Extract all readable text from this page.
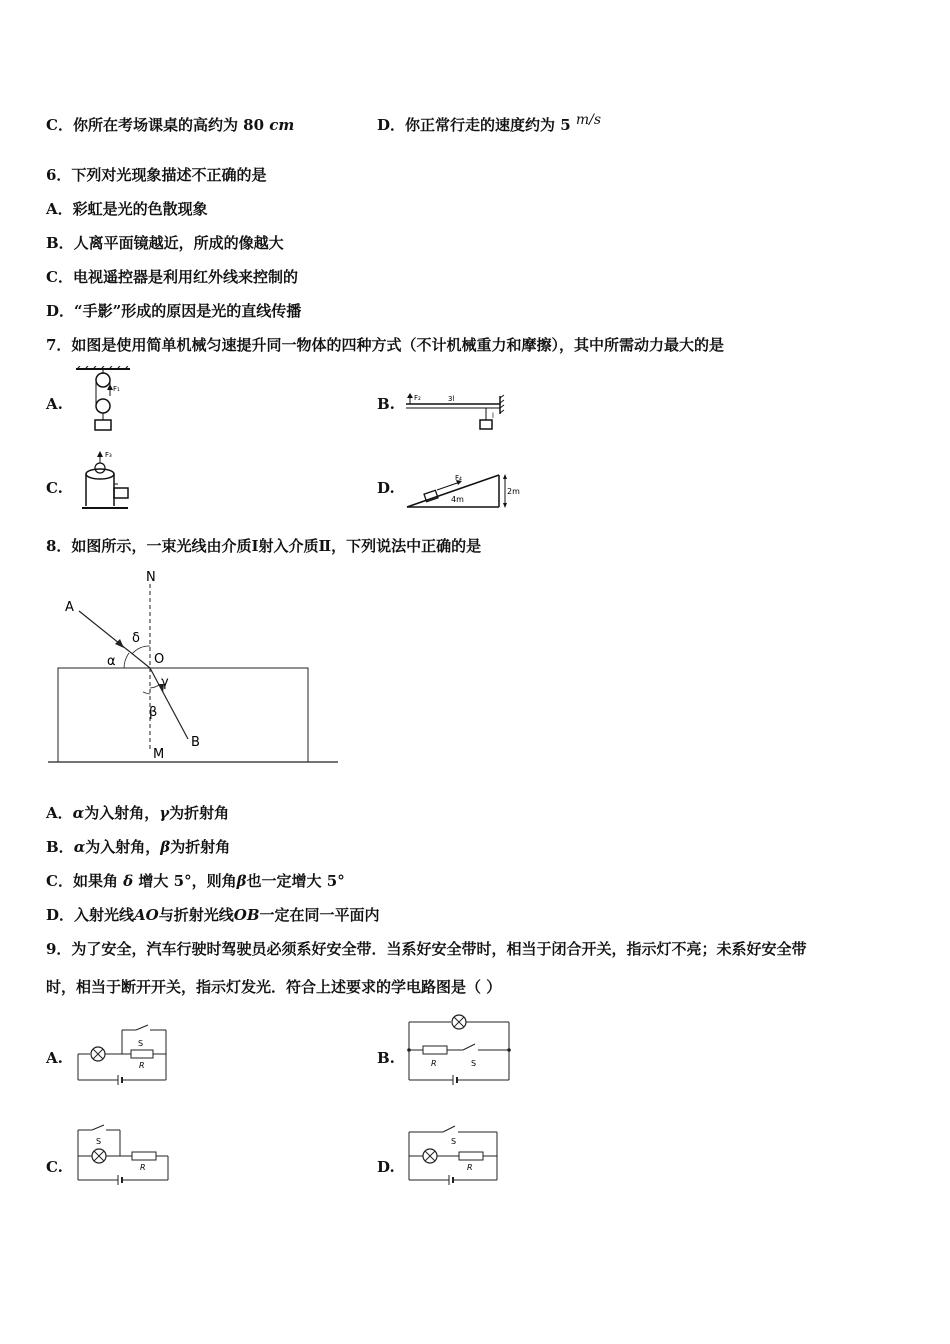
C．你所在考场课桌的高约为 80 cm	D．你正常行走的速度约为 5 m/s
6．下列对光现象描述不正确的是
A．彩虹是光的色散现象
B．人离平面镜越近，所成的像越大
C．电视遥控器是利用红外线来控制的
D．“手影”形成的原因是光的直线传播
7．如图是使用简单机械匀速提升同一物体的四种方式（不计机械重力和摩擦），其中所需动力最大的是
A.	B.
C.	D.
F₁
F₂	3l
l
F₃
F₄
4m
2m
8．如图所示，一束光线由介质Ⅰ射入介质Ⅱ，下列说法中正确的是
N
A
δ
α	O
γ
β
B
M
A．α为入射角，γ为折射角
B．α为入射角，β为折射角
C．如果角 δ 增大 5°，则角β也一定增大 5°
D．入射光线AO与折射光线OB一定在同一平面内
9．为了安全，汽车行驶时驾驶员必须系好安全带．当系好安全带时，相当于闭合开关，指示灯不亮；未系好安全带
时，相当于断开开关，指示灯发光．符合上述要求的学电路图是（ ）
A.	B.
C.	D.
S
R	R	S
S
R
S
R
